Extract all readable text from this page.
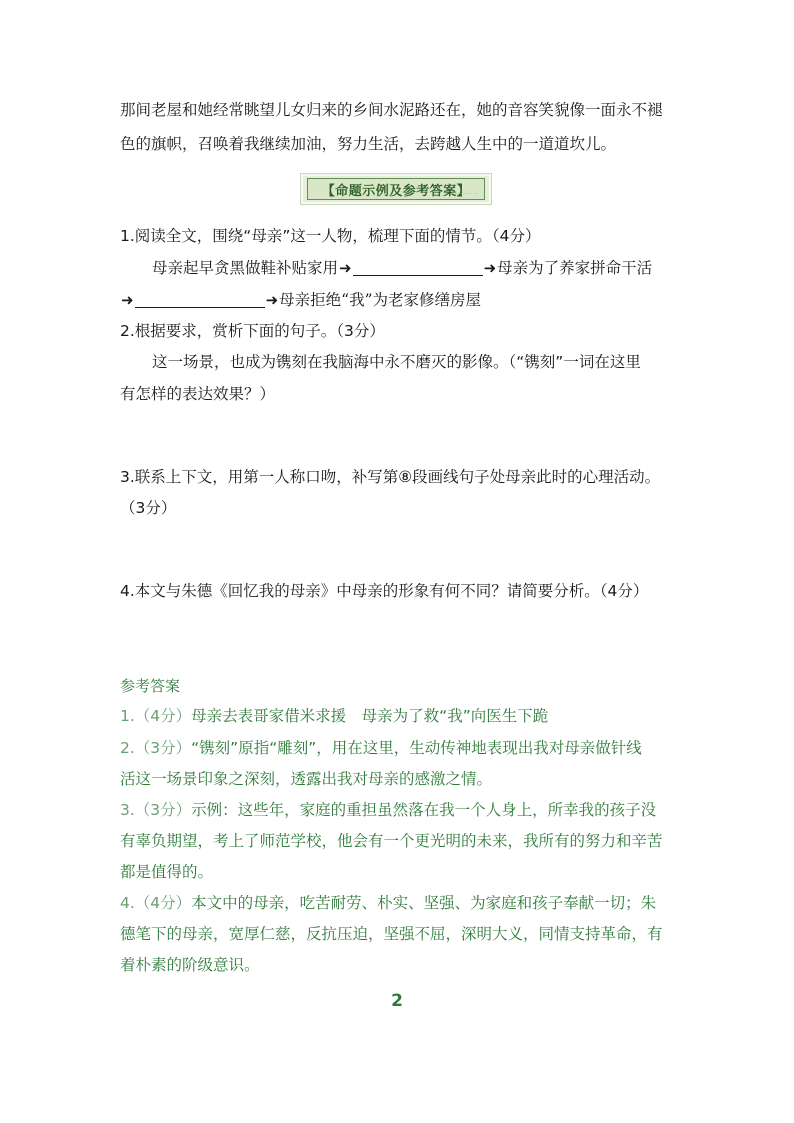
那间老屋和她经常眺望儿女归来的乡间水泥路还在，她的音容笑貌像一面永不褪
色的旗帜，召唤着我继续加油，努力生活，去跨越人生中的一道道坎儿。
【命题示例及参考答案】
1.阅读全文，围绕“母亲”这一人物，梳理下面的情节。（4分）
母亲起早贪黑做鞋补贴家用➜	➜母亲为了养家拼命干活
➜	➜母亲拒绝“我”为老家修缮房屋
2.根据要求，赏析下面的句子。（3分）
这一场景，也成为镌刻在我脑海中永不磨灭的影像。（“镌刻”一词在这里
有怎样的表达效果？）
3.联系上下文，用第一人称口吻，补写第⑧段画线句子处母亲此时的心理活动。
（3分）
4.本文与朱德《回忆我的母亲》中母亲的形象有何不同？请简要分析。（4分）
参考答案
1.（4分）母亲去表哥家借米求援　母亲为了救“我”向医生下跪
2.（3分）“镌刻”原指“雕刻”，用在这里，生动传神地表现出我对母亲做针线
活这一场景印象之深刻，透露出我对母亲的感激之情。
3.（3分）示例：这些年，家庭的重担虽然落在我一个人身上，所幸我的孩子没
有辜负期望，考上了师范学校，他会有一个更光明的未来，我所有的努力和辛苦
都是值得的。
4.（4分）本文中的母亲，吃苦耐劳、朴实、坚强、为家庭和孩子奉献一切；朱
德笔下的母亲，宽厚仁慈，反抗压迫，坚强不屈，深明大义，同情支持革命，有
着朴素的阶级意识。
2
